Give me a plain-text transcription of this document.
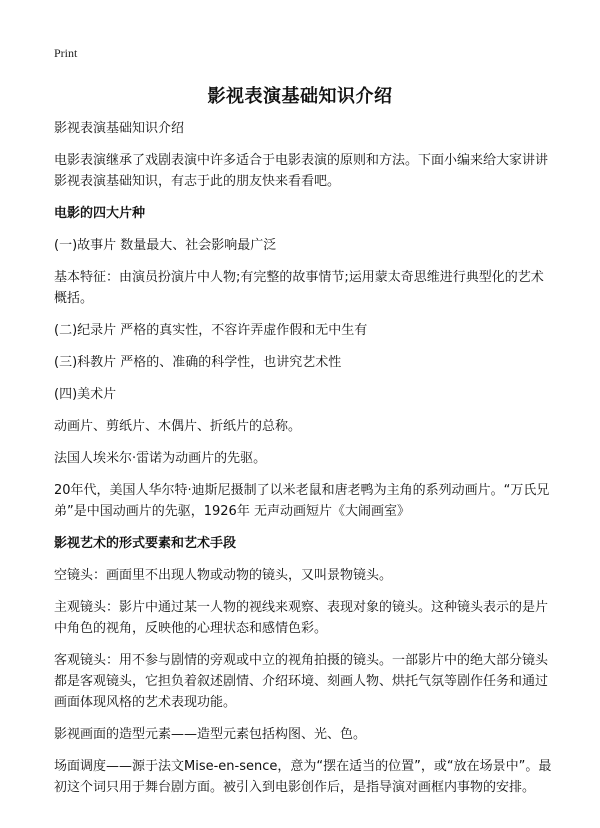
Print
影视表演基础知识介绍

影视表演基础知识介绍

电影表演继承了戏剧表演中许多适合于电影表演的原则和方法。下面小编来给大家讲讲影视表演基础知识，有志于此的朋友快来看看吧。

电影的四大片种

(一)故事片 数量最大、社会影响最广泛

基本特征：由演员扮演片中人物;有完整的故事情节;运用蒙太奇思维进行典型化的艺术概括。

(二)纪录片 严格的真实性，不容许弄虚作假和无中生有

(三)科教片 严格的、准确的科学性，也讲究艺术性

(四)美术片

动画片、剪纸片、木偶片、折纸片的总称。

法国人埃米尔·雷诺为动画片的先驱。

20年代，美国人华尔特·迪斯尼摄制了以米老鼠和唐老鸭为主角的系列动画片。“万氏兄弟”是中国动画片的先驱，1926年 无声动画短片《大闹画室》

影视艺术的形式要素和艺术手段

空镜头：画面里不出现人物或动物的镜头，又叫景物镜头。

主观镜头：影片中通过某一人物的视线来观察、表现对象的镜头。这种镜头表示的是片中角色的视角，反映他的心理状态和感情色彩。

客观镜头：用不参与剧情的旁观或中立的视角拍摄的镜头。一部影片中的绝大部分镜头都是客观镜头，它担负着叙述剧情、介绍环境、刻画人物、烘托气氛等剧作任务和通过画面体现风格的艺术表现功能。

影视画面的造型元素——造型元素包括构图、光、色。

场面调度——源于法文Mise-en-sence，意为“摆在适当的位置”，或“放在场景中”。最初这个词只用于舞台剧方面。被引入到电影创作后，是指导演对画框内事物的安排。
